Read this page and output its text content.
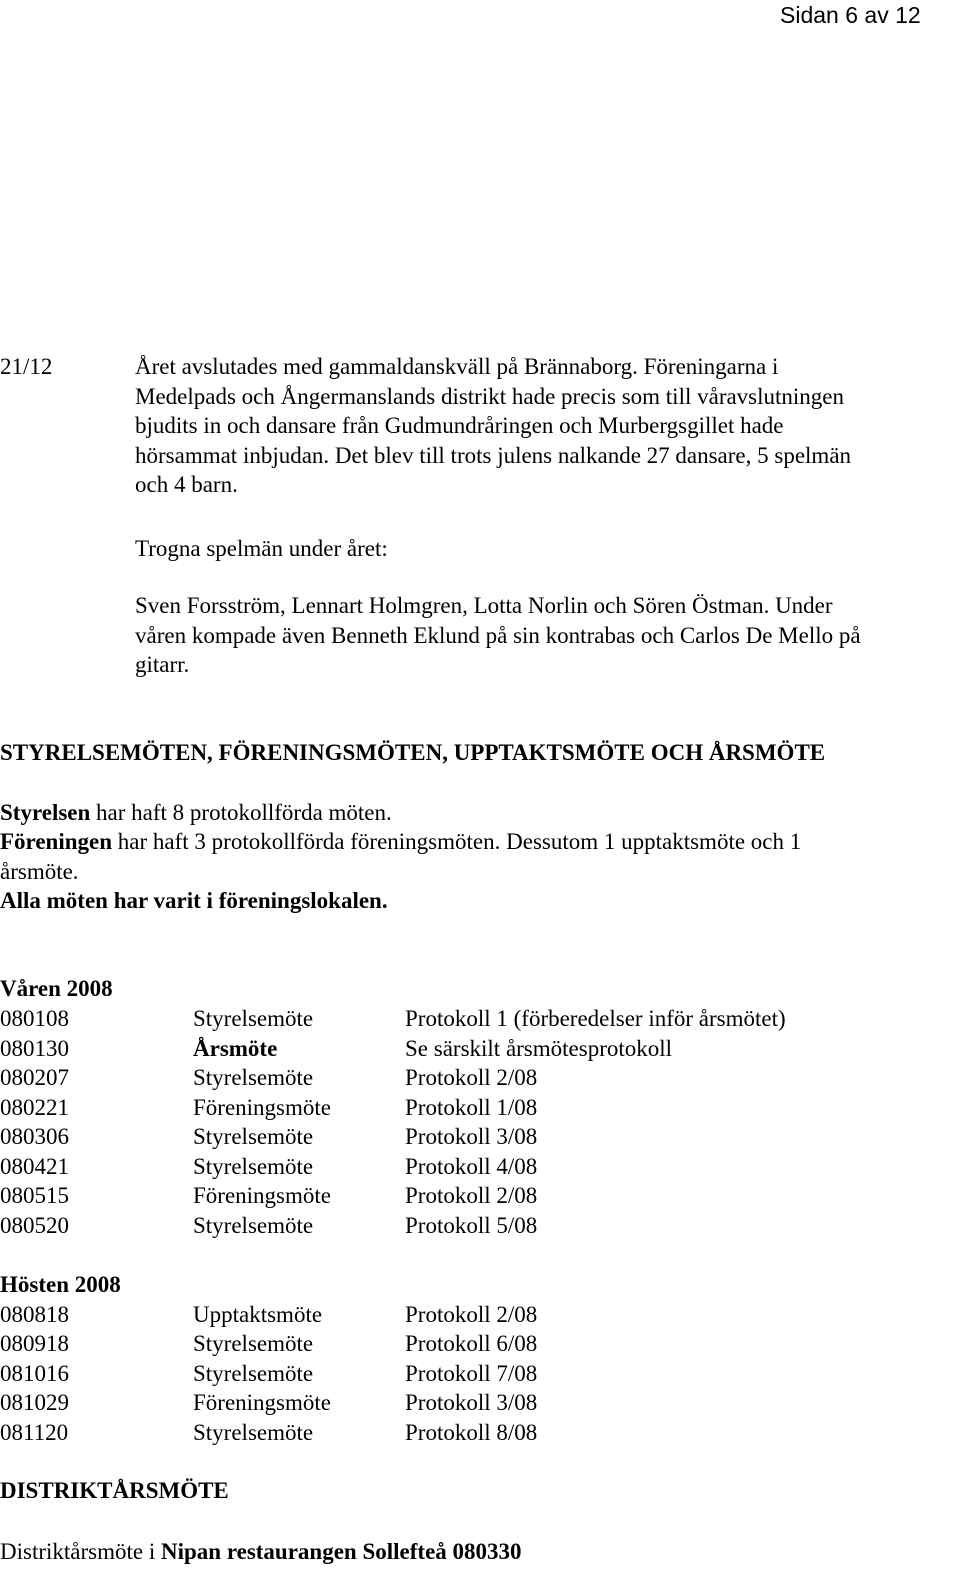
Sidan 6 av 12
21/12	Året avslutades med gammaldanskväll på Brännaborg. Föreningarna i
Medelpads och Ångermanslands distrikt hade precis som till våravslutningen
bjudits in och dansare från Gudmundråringen och Murbergsgillet hade
hörsammat inbjudan. Det blev till trots julens nalkande 27 dansare, 5 spelmän
och 4 barn.
Trogna spelmän under året:
Sven Forsström, Lennart Holmgren, Lotta Norlin och Sören Östman. Under
våren kompade även Benneth Eklund på sin kontrabas och Carlos De Mello på
gitarr.
STYRELSEMÖTEN, FÖRENINGSMÖTEN, UPPTAKTSMÖTE OCH ÅRSMÖTE
Styrelsen har haft 8 protokollförda möten.
Föreningen har haft 3 protokollförda föreningsmöten. Dessutom 1 upptaktsmöte och 1
årsmöte.
Alla möten har varit i föreningslokalen.
Våren 2008
080108	Styrelsemöte	Protokoll 1 (förberedelser inför årsmötet)
080130	Årsmöte	Se särskilt årsmötesprotokoll
080207	Styrelsemöte	Protokoll 2/08
080221	Föreningsmöte	Protokoll 1/08
080306	Styrelsemöte	Protokoll 3/08
080421	Styrelsemöte	Protokoll 4/08
080515	Föreningsmöte	Protokoll 2/08
080520	Styrelsemöte	Protokoll 5/08
Hösten 2008
080818	Upptaktsmöte	Protokoll 2/08
080918	Styrelsemöte	Protokoll 6/08
081016	Styrelsemöte	Protokoll 7/08
081029	Föreningsmöte	Protokoll 3/08
081120	Styrelsemöte	Protokoll 8/08
DISTRIKTÅRSMÖTE
Distriktårsmöte i Nipan restaurangen Sollefteå 080330
